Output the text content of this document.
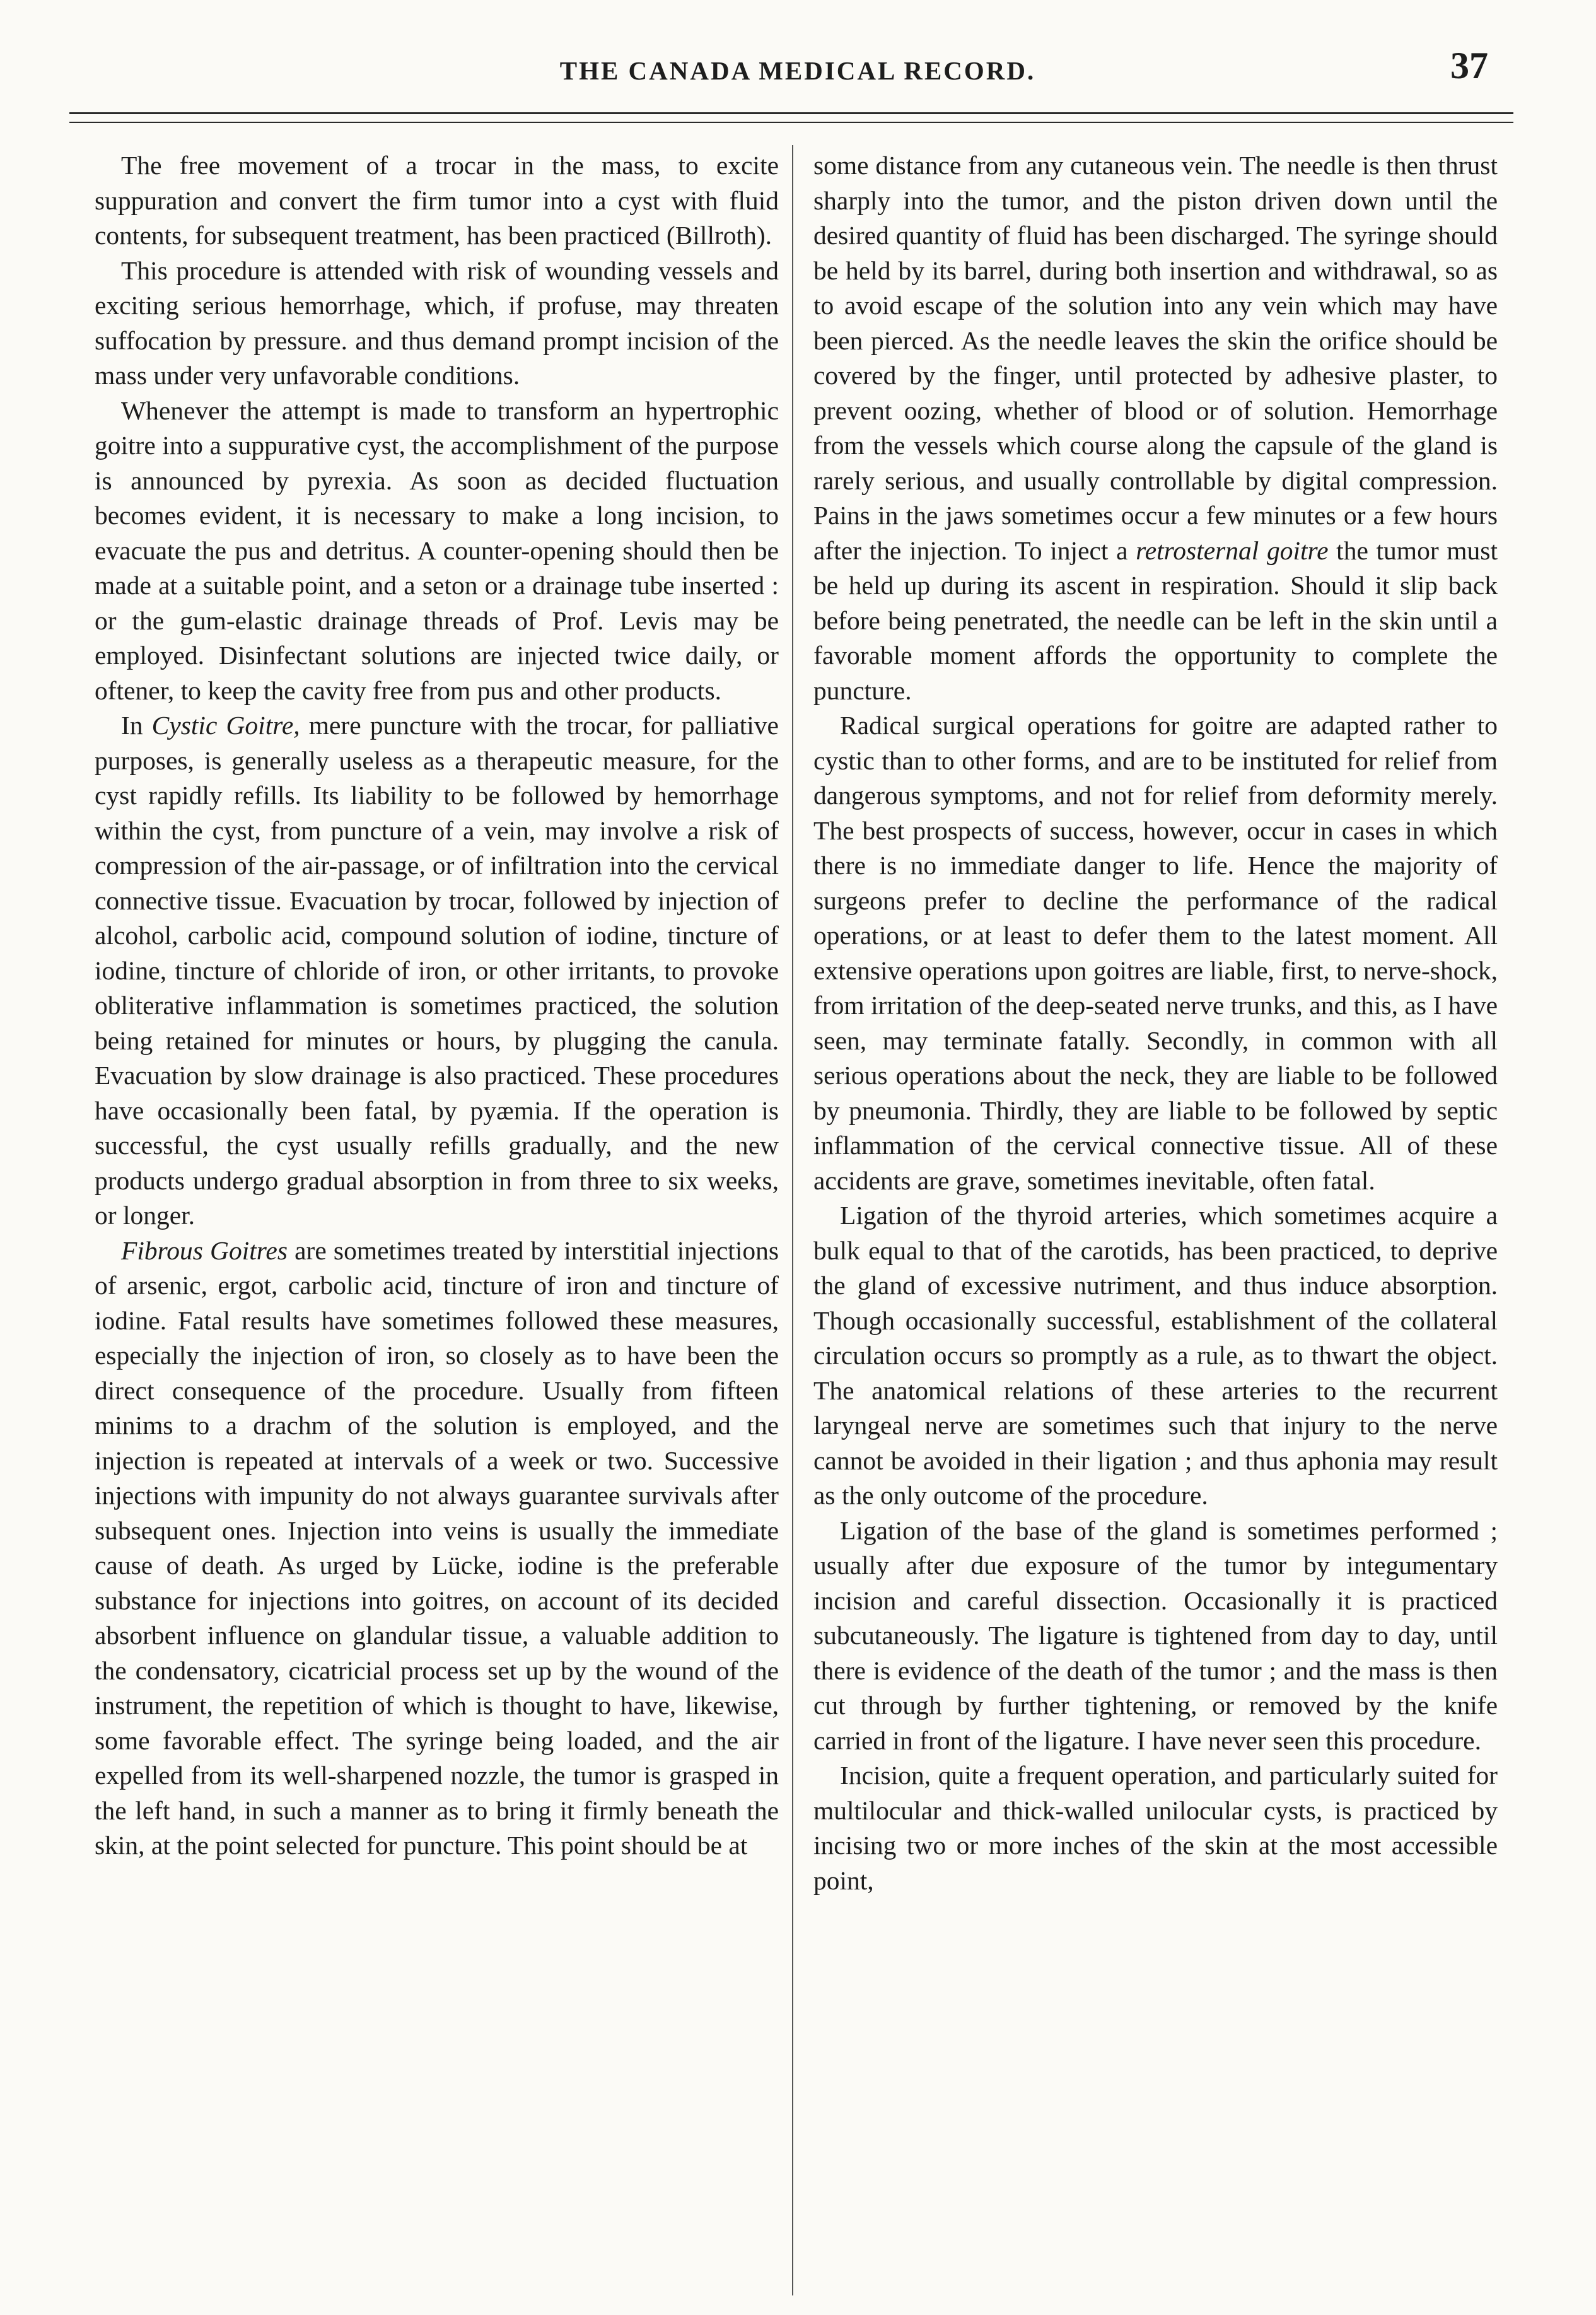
THE CANADA MEDICAL RECORD.	37

The free movement of a trocar in the mass, to excite suppuration and convert the firm tumor into a cyst with fluid contents, for subsequent treatment, has been practiced (Billroth).

This procedure is attended with risk of wounding vessels and exciting serious hemorrhage, which, if profuse, may threaten suffocation by pressure. and thus demand prompt incision of the mass under very unfavorable conditions.

Whenever the attempt is made to transform an hypertrophic goitre into a suppurative cyst, the accomplishment of the purpose is announced by pyrexia. As soon as decided fluctuation becomes evident, it is necessary to make a long incision, to evacuate the pus and detritus. A counter-opening should then be made at a suitable point, and a seton or a drainage tube inserted : or the gum-elastic drainage threads of Prof. Levis may be employed. Disinfectant solutions are injected twice daily, or oftener, to keep the cavity free from pus and other products.

In Cystic Goitre, mere puncture with the trocar, for palliative purposes, is generally useless as a therapeutic measure, for the cyst rapidly refills. Its liability to be followed by hemorrhage within the cyst, from puncture of a vein, may involve a risk of compression of the air-passage, or of infiltration into the cervical connective tissue. Evacuation by trocar, followed by injection of alcohol, carbolic acid, compound solution of iodine, tincture of iodine, tincture of chloride of iron, or other irritants, to provoke obliterative inflammation is sometimes practiced, the solution being retained for minutes or hours, by plugging the canula. Evacuation by slow drainage is also practiced. These procedures have occasionally been fatal, by pyæmia. If the operation is successful, the cyst usually refills gradually, and the new products undergo gradual absorption in from three to six weeks, or longer.

Fibrous Goitres are sometimes treated by interstitial injections of arsenic, ergot, carbolic acid, tincture of iron and tincture of iodine. Fatal results have sometimes followed these measures, especially the injection of iron, so closely as to have been the direct consequence of the procedure. Usually from fifteen minims to a drachm of the solution is employed, and the injection is repeated at intervals of a week or two. Successive injections with impunity do not always guarantee survivals after subsequent ones. Injection into veins is usually the immediate cause of death. As urged by Lücke, iodine is the preferable substance for injections into goitres, on account of its decided absorbent influence on glandular tissue, a valuable addition to the condensatory, cicatricial process set up by the wound of the instrument, the repetition of which is thought to have, likewise, some favorable effect. The syringe being loaded, and the air expelled from its well-sharpened nozzle, the tumor is grasped in the left hand, in such a manner as to bring it firmly beneath the skin, at the point selected for puncture. This point should be at

some distance from any cutaneous vein. The needle is then thrust sharply into the tumor, and the piston driven down until the desired quantity of fluid has been discharged. The syringe should be held by its barrel, during both insertion and withdrawal, so as to avoid escape of the solution into any vein which may have been pierced. As the needle leaves the skin the orifice should be covered by the finger, until protected by adhesive plaster, to prevent oozing, whether of blood or of solution. Hemorrhage from the vessels which course along the capsule of the gland is rarely serious, and usually controllable by digital compression. Pains in the jaws sometimes occur a few minutes or a few hours after the injection. To inject a retrosternal goitre the tumor must be held up during its ascent in respiration. Should it slip back before being penetrated, the needle can be left in the skin until a favorable moment affords the opportunity to complete the puncture.

Radical surgical operations for goitre are adapted rather to cystic than to other forms, and are to be instituted for relief from dangerous symptoms, and not for relief from deformity merely. The best prospects of success, however, occur in cases in which there is no immediate danger to life. Hence the majority of surgeons prefer to decline the performance of the radical operations, or at least to defer them to the latest moment. All extensive operations upon goitres are liable, first, to nerve-shock, from irritation of the deep-seated nerve trunks, and this, as I have seen, may terminate fatally. Secondly, in common with all serious operations about the neck, they are liable to be followed by pneumonia. Thirdly, they are liable to be followed by septic inflammation of the cervical connective tissue. All of these accidents are grave, sometimes inevitable, often fatal.

Ligation of the thyroid arteries, which sometimes acquire a bulk equal to that of the carotids, has been practiced, to deprive the gland of excessive nutriment, and thus induce absorption. Though occasionally successful, establishment of the collateral circulation occurs so promptly as a rule, as to thwart the object. The anatomical relations of these arteries to the recurrent laryngeal nerve are sometimes such that injury to the nerve cannot be avoided in their ligation ; and thus aphonia may result as the only outcome of the procedure.

Ligation of the base of the gland is sometimes performed ; usually after due exposure of the tumor by integumentary incision and careful dissection. Occasionally it is practiced subcutaneously. The ligature is tightened from day to day, until there is evidence of the death of the tumor ; and the mass is then cut through by further tightening, or removed by the knife carried in front of the ligature. I have never seen this procedure.

Incision, quite a frequent operation, and particularly suited for multilocular and thick-walled unilocular cysts, is practiced by incising two or more inches of the skin at the most accessible point,
